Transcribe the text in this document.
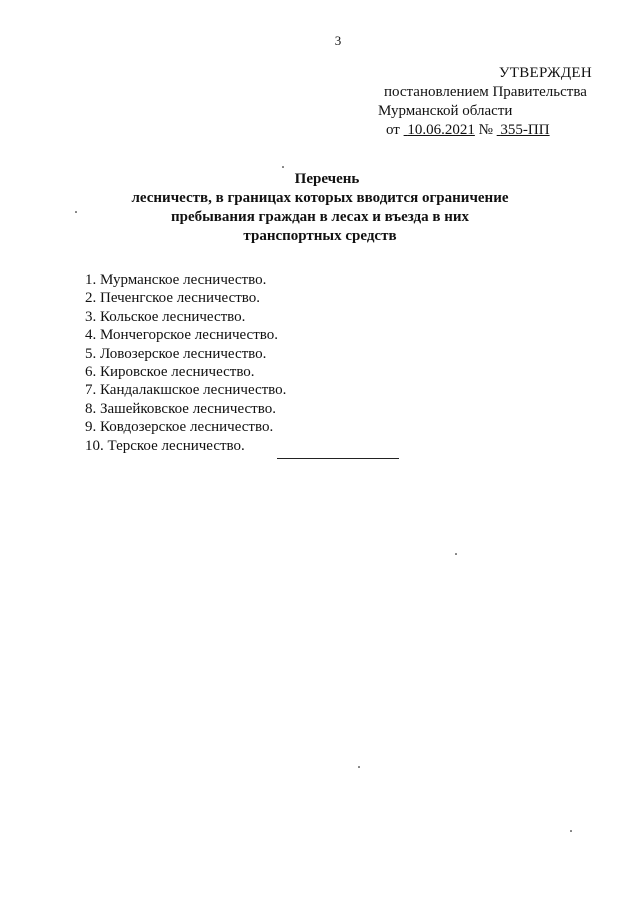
3
УТВЕРЖДЕН
постановлением Правительства
Мурманской области
от 10.06.2021 № 355-ПП
Перечень
лесничеств, в границах которых вводится ограничение
пребывания граждан в лесах и въезда в них
транспортных средств
1. Мурманское лесничество.
2. Печенгское лесничество.
3. Кольское лесничество.
4. Мончегорское лесничество.
5. Ловозерское лесничество.
6. Кировское лесничество.
7. Кандалакшское лесничество.
8. Зашейковское лесничество.
9. Ковдозерское лесничество.
10. Терское лесничество.
